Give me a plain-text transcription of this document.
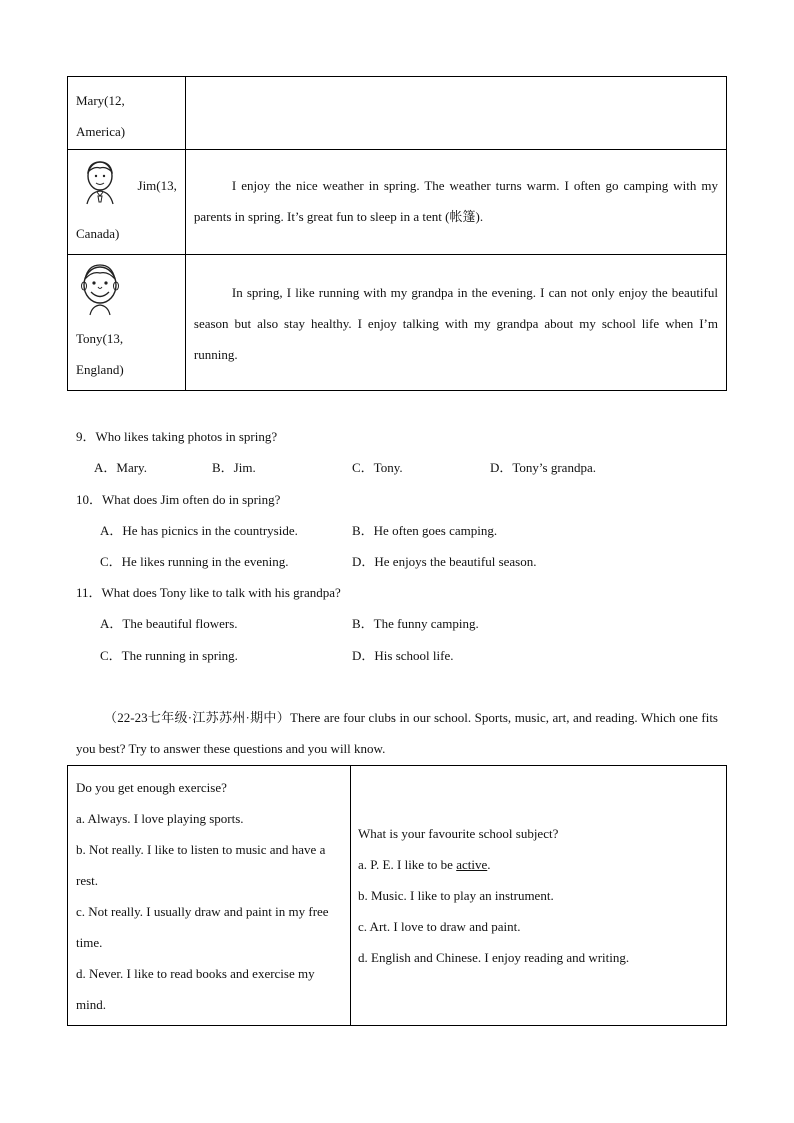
Mary(12,
America)	

Jim(13,
Canada)	I enjoy the nice weather in spring. The weather turns warm. I often go camping with my parents in spring. It’s great fun to sleep in a tent (帐篷).

Tony(13,
England)	In spring, I like running with my grandpa in the evening. I can not only enjoy the beautiful season but also stay healthy. I enjoy talking with my grandpa about my school life when I’m running.
9．Who likes taking photos in spring?
A．Mary.	B．Jim.	C．Tony.	D．Tony’s grandpa.
10．What does Jim often do in spring?
A．He has picnics in the countryside.	B．He often goes camping.
C．He likes running in the evening.	D．He enjoys the beautiful season.
11．What does Tony like to talk with his grandpa?
A．The beautiful flowers.	B．The funny camping.
C．The running in spring.	D．His school life.
（22-23七年级·江苏苏州·期中）There are four clubs in our school. Sports, music, art, and reading. Which one fits you best? Try to answer these questions and you will know.
Do you get enough exercise?
a. Always. I love playing sports.
b. Not really. I like to listen to music and have a rest.
c. Not really. I usually draw and paint in my free time.
d. Never. I like to read books and exercise my mind.

What is your favourite school subject?
a. P. E. I like to be active.
b. Music. I like to play an instrument.
c. Art. I love to draw and paint.
d. English and Chinese. I enjoy reading and writing.
